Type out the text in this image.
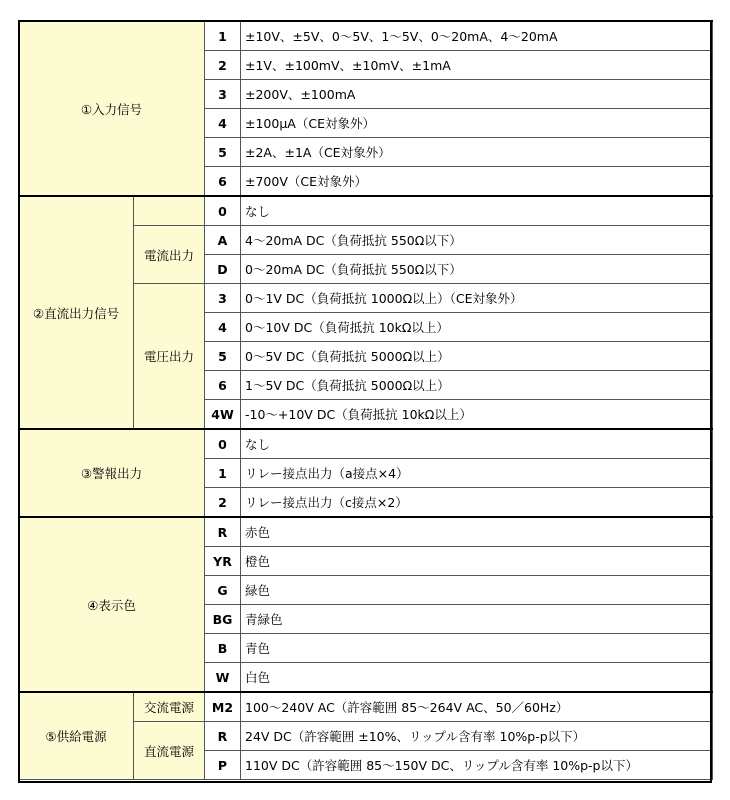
①入力信号		1	±10V、±5V、0～5V、1～5V、0～20mA、4～20mA
		2	±1V、±100mV、±10mV、±1mA
		3	±200V、±100mA
		4	±100μA（CE対象外）
		5	±2A、±1A（CE対象外）
		6	±700V（CE対象外）
②直流出力信号		0	なし
	電流出力	A	4～20mA DC（負荷抵抗 550Ω以下）
		D	0～20mA DC（負荷抵抗 550Ω以下）
	電圧出力	3	0～1V DC（負荷抵抗 1000Ω以上）（CE対象外）
		4	0～10V DC（負荷抵抗 10kΩ以上）
		5	0～5V DC（負荷抵抗 5000Ω以上）
		6	1～5V DC（負荷抵抗 5000Ω以上）
		4W	-10～+10V DC（負荷抵抗 10kΩ以上）
③警報出力		0	なし
		1	リレー接点出力（a接点×4）
		2	リレー接点出力（c接点×2）
④表示色		R	赤色
		YR	橙色
		G	緑色
		BG	青緑色
		B	青色
		W	白色
⑤供給電源	交流電源	M2	100～240V AC（許容範囲 85～264V AC、50／60Hz）
	直流電源	R	24V DC（許容範囲 ±10%、リップル含有率 10%p-p以下）
		P	110V DC（許容範囲 85～150V DC、リップル含有率 10%p-p以下）
